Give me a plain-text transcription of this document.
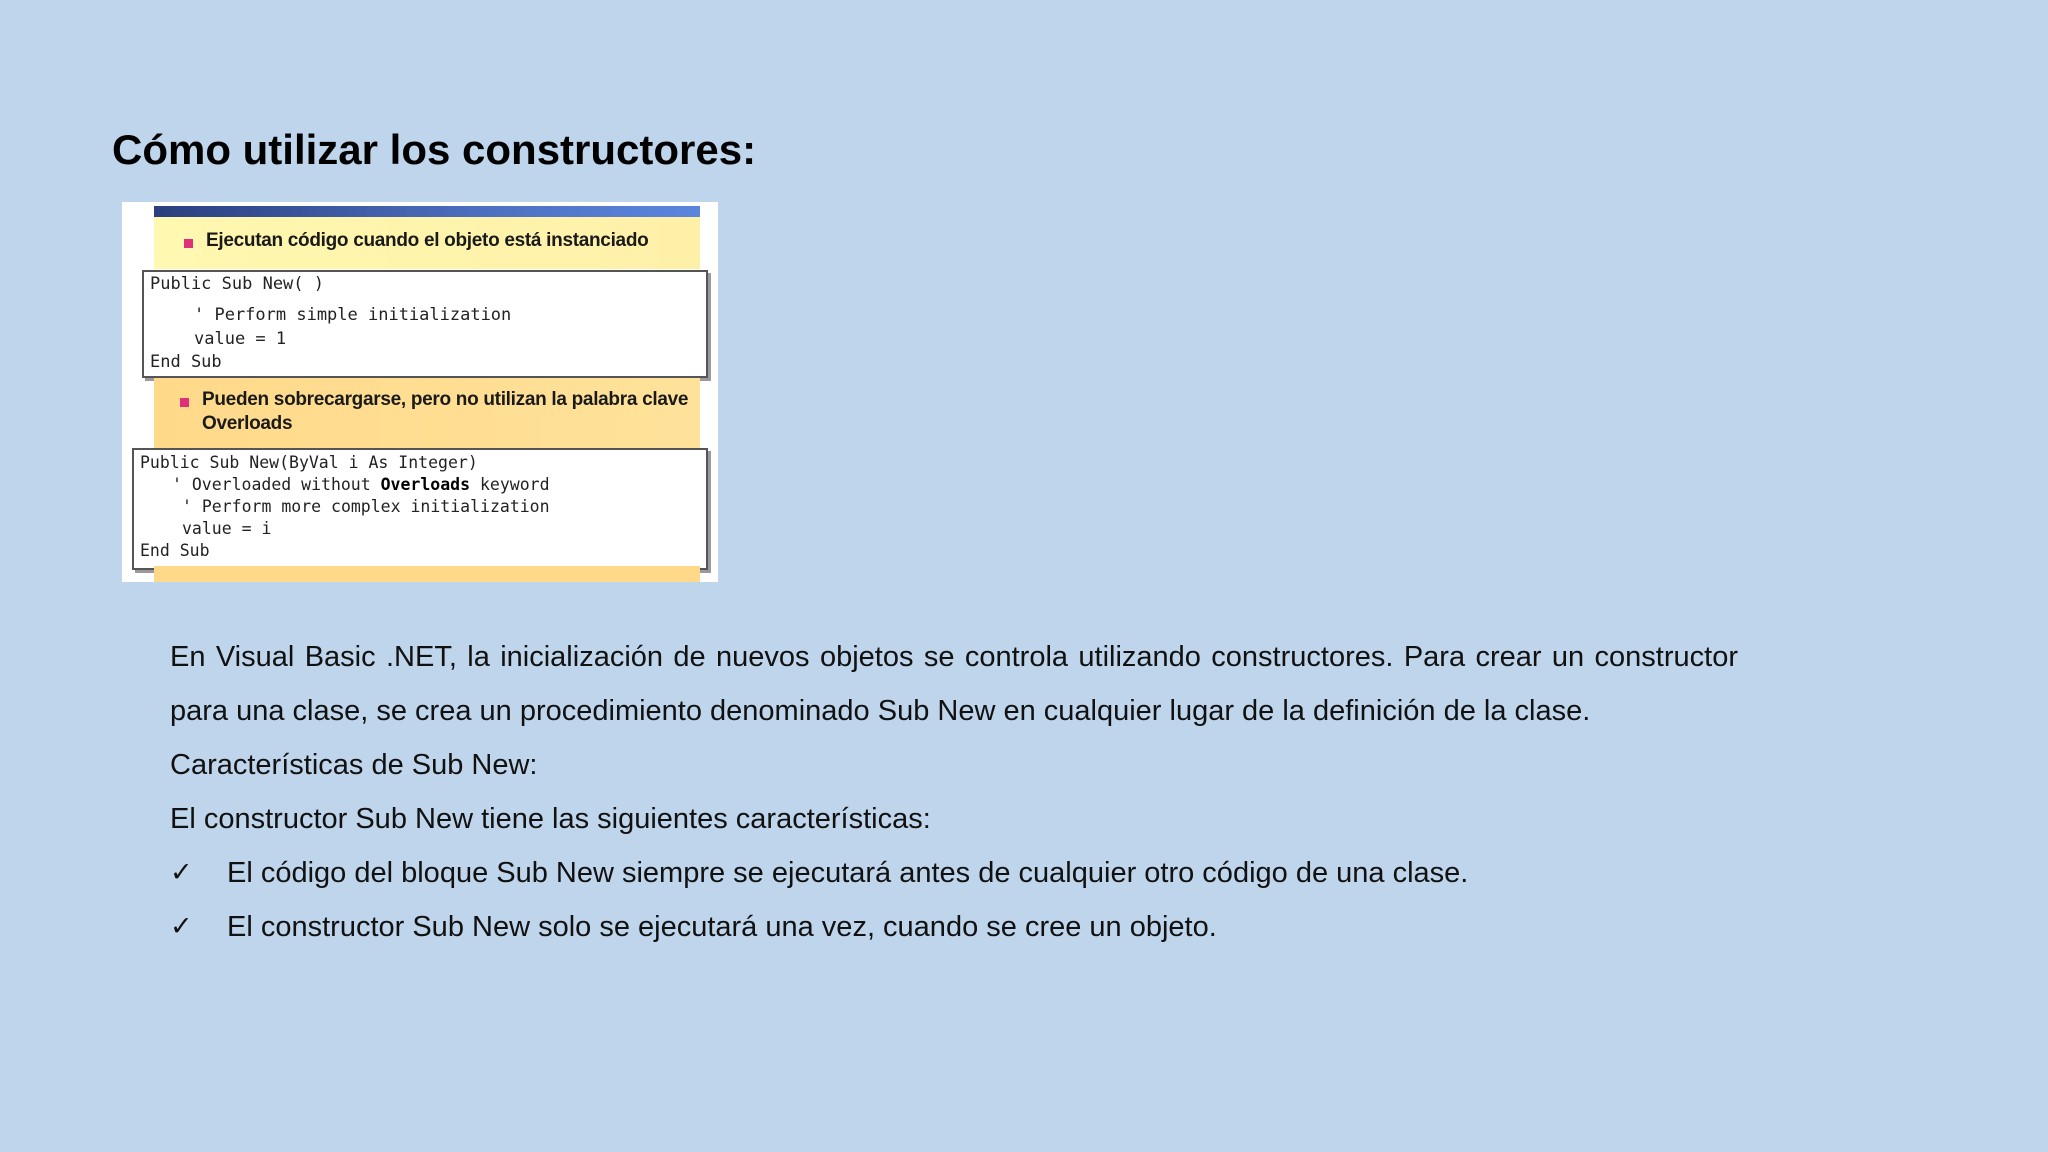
Cómo utilizar los constructores:
Ejecutan código cuando el objeto está instanciado

Public Sub New( )

' Perform simple initialization

value = 1

End Sub

Pueden sobrecargarse, pero no utilizan la palabra clave Overloads

Public Sub New(ByVal i As Integer)

' Overloaded without Overloads keyword

' Perform more complex initialization

value = i

End Sub

En Visual Basic .NET, la inicialización de nuevos objetos se controla utilizando constructores. Para crear un constructor para una clase, se crea un procedimiento denominado Sub New en cualquier lugar de la definición de la clase.

Características de Sub New:

El constructor Sub New tiene las siguientes características:

✓ El código del bloque Sub New siempre se ejecutará antes de cualquier otro código de una clase.

✓ El constructor Sub New solo se ejecutará una vez, cuando se cree un objeto.
